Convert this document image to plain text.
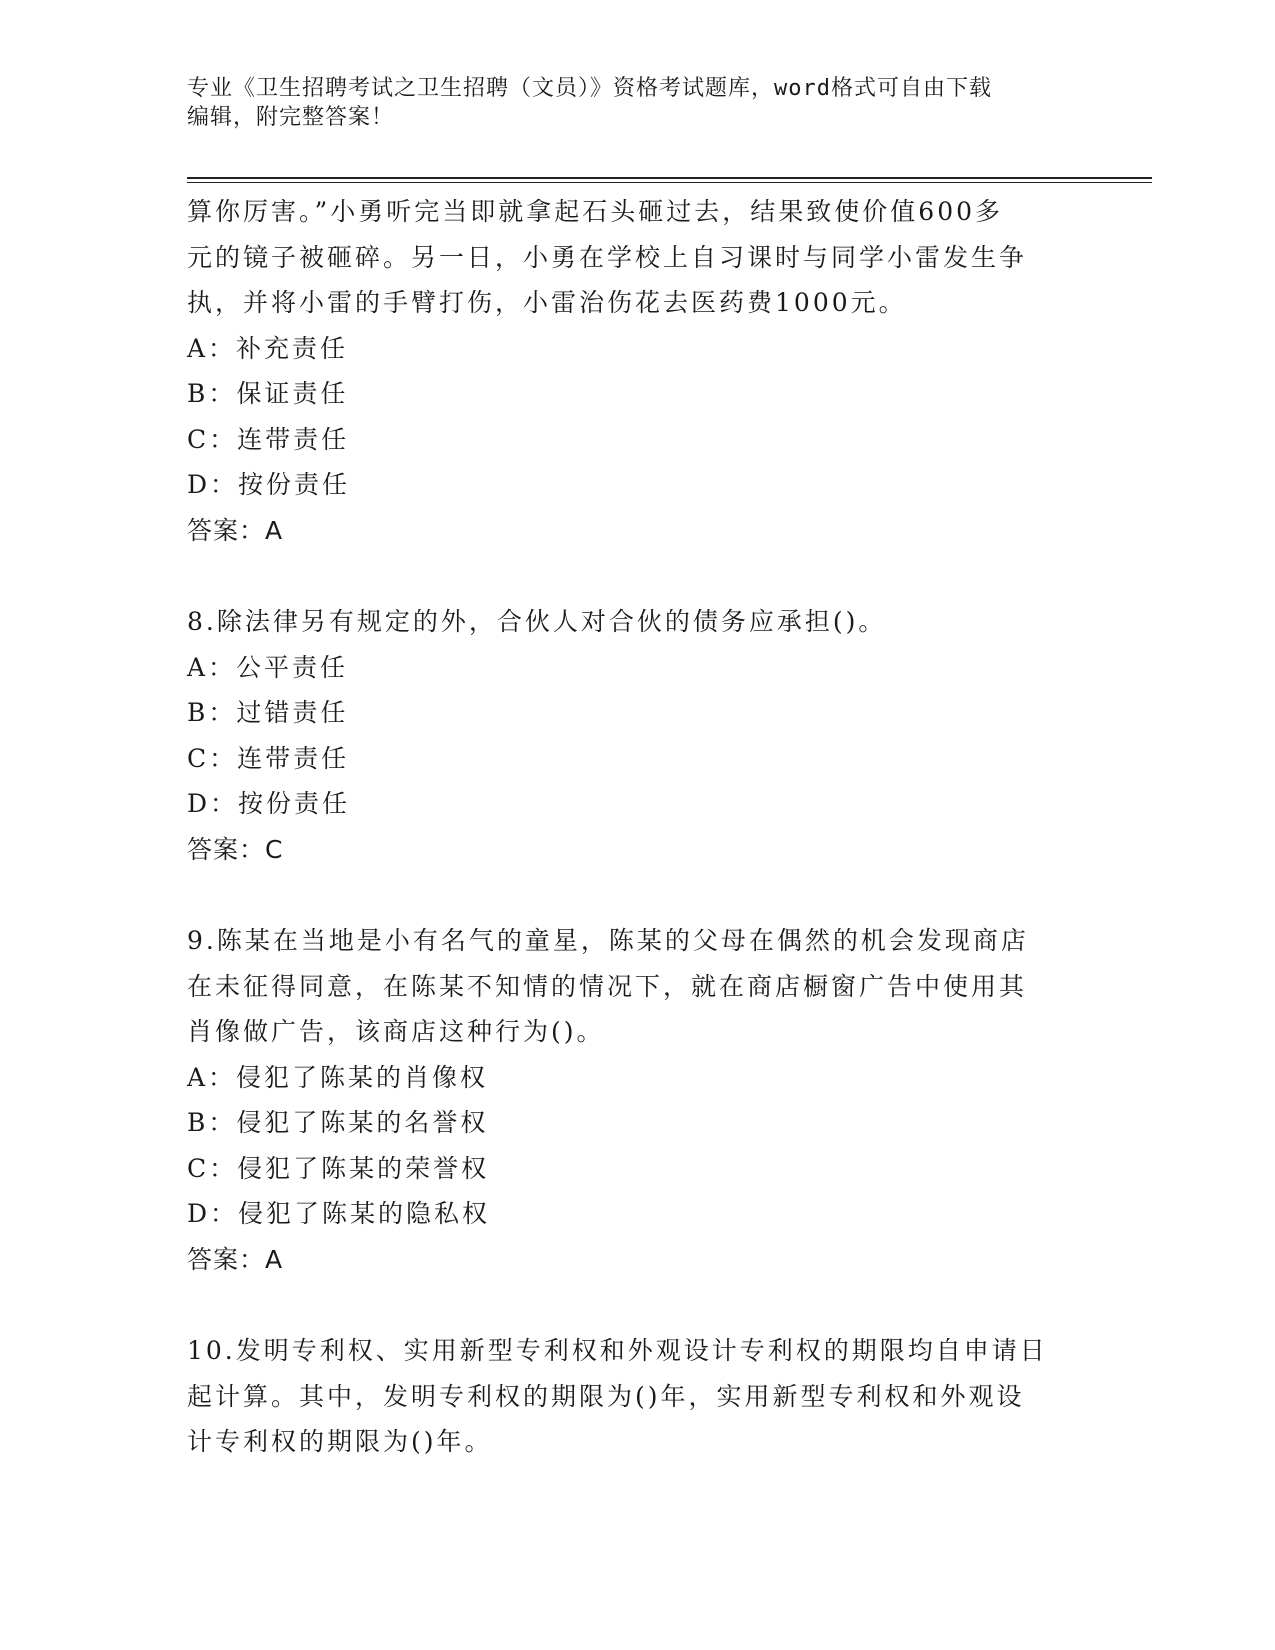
专业《卫生招聘考试之卫生招聘（文员）》资格考试题库，word格式可自由下载
编辑，附完整答案！

算你厉害。”小勇听完当即就拿起石头砸过去，结果致使价值600多

元的镜子被砸碎。另一日，小勇在学校上自习课时与同学小雷发生争

执，并将小雷的手臂打伤，小雷治伤花去医药费1000元。

A：补充责任

B：保证责任

C：连带责任

D：按份责任

答案：A

8.除法律另有规定的外，合伙人对合伙的债务应承担()。

A：公平责任

B：过错责任

C：连带责任

D：按份责任

答案：C

9.陈某在当地是小有名气的童星，陈某的父母在偶然的机会发现商店

在未征得同意，在陈某不知情的情况下，就在商店橱窗广告中使用其

肖像做广告，该商店这种行为()。

A：侵犯了陈某的肖像权

B：侵犯了陈某的名誉权

C：侵犯了陈某的荣誉权

D：侵犯了陈某的隐私权

答案：A

10.发明专利权、实用新型专利权和外观设计专利权的期限均自申请日

起计算。其中，发明专利权的期限为()年，实用新型专利权和外观设

计专利权的期限为()年。
